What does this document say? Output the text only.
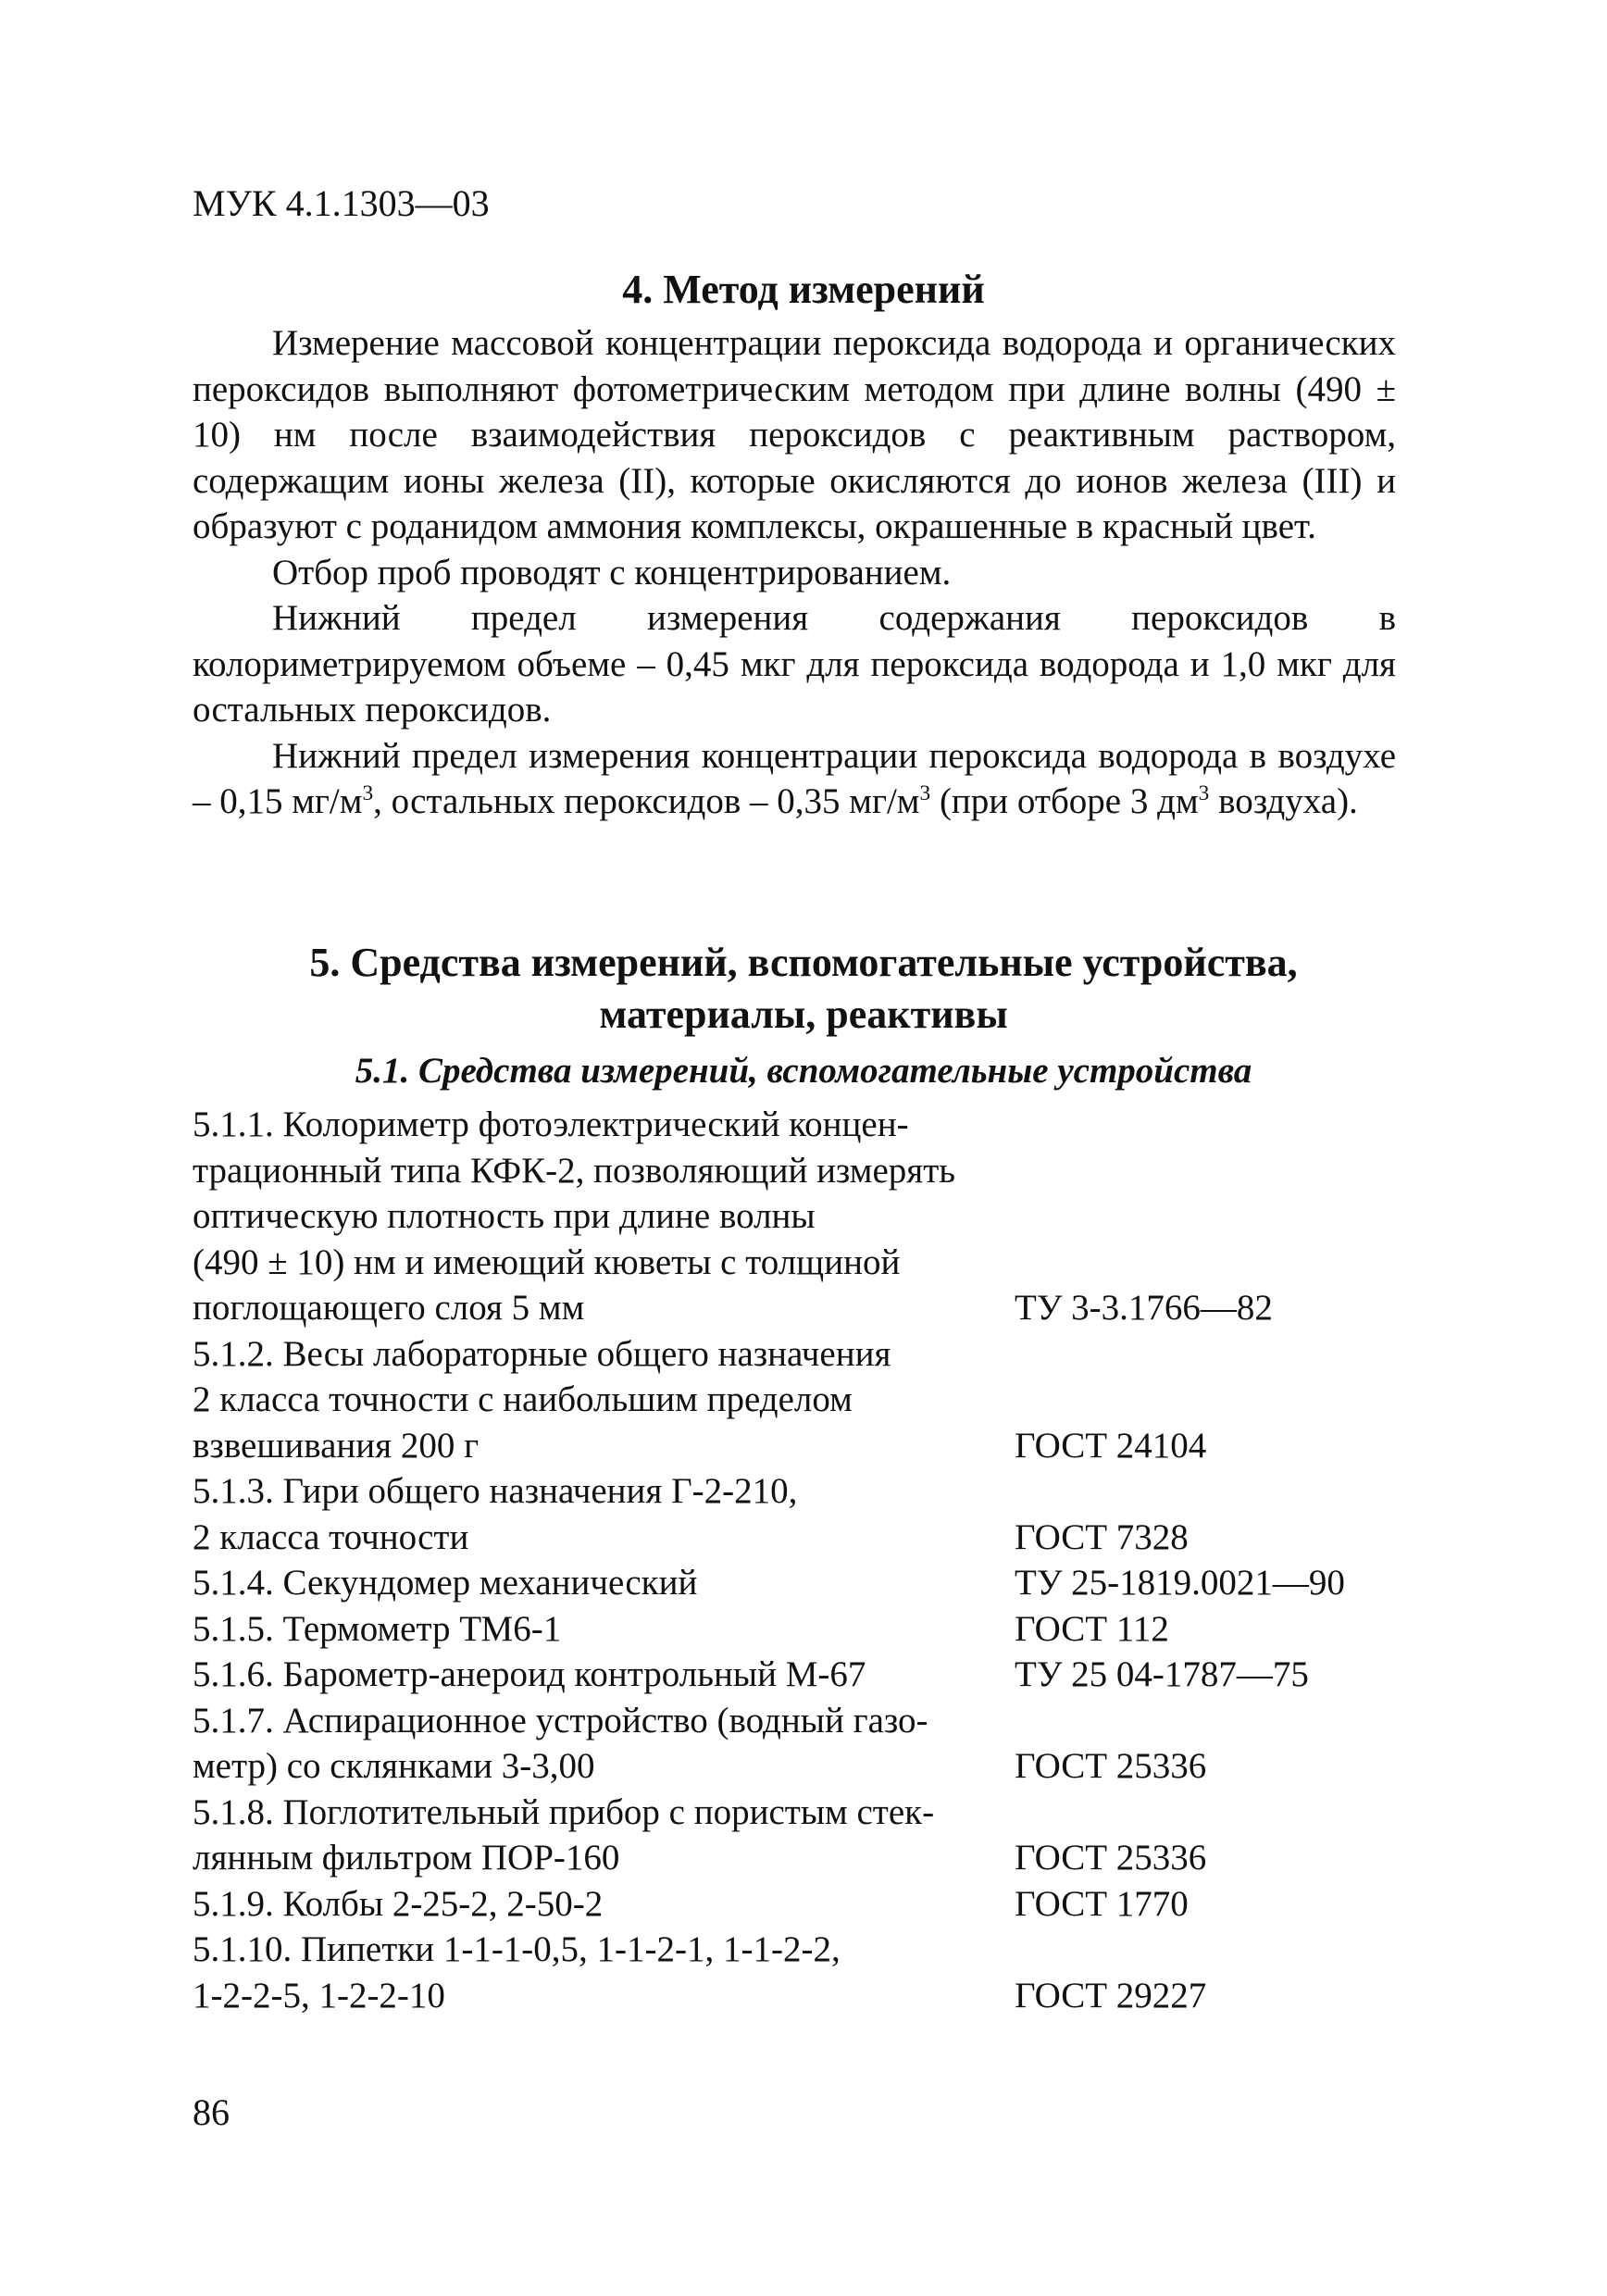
МУК 4.1.1303—03
4. Метод измерений

Измерение массовой концентрации пероксида водорода и органических пероксидов выполняют фотометрическим методом при длине волны (490 ± 10) нм после взаимодействия пероксидов с реактивным раствором, содержащим ионы железа (II), которые окисляются до ионов железа (III) и образуют с роданидом аммония комплексы, окрашенные в красный цвет.

Отбор проб проводят с концентрированием.

Нижний предел измерения содержания пероксидов в колориметрируемом объеме – 0,45 мкг для пероксида водорода и 1,0 мкг для остальных пероксидов.

Нижний предел измерения концентрации пероксида водорода в воздухе – 0,15 $мг/м^3$, остальных пероксидов – 0,35 $мг/м^3$ (при отборе 3 $дм^3$ воздуха).

5. Средства измерений, вспомогательные устройства,
материалы, реактивы
5.1. Средства измерений, вспомогательные устройства
5.1.1. Колориметр фотоэлектрический концен-
трационный типа КФК-2, позволяющий измерять
оптическую плотность при длине волны
(490 ± 10) нм и имеющий кюветы с толщиной
поглощающего слоя 5 мм	ТУ 3-3.1766—82
5.1.2. Весы лабораторные общего назначения
2 класса точности с наибольшим пределом
взвешивания 200 г	ГОСТ 24104
5.1.3. Гири общего назначения Г-2-210,
2 класса точности	ГОСТ 7328
5.1.4. Секундомер механический	ТУ 25-1819.0021—90
5.1.5. Термометр ТМ6-1	ГОСТ 112
5.1.6. Барометр-анероид контрольный М-67	ТУ 25 04-1787—75
5.1.7. Аспирационное устройство (водный газо-
метр) со склянками 3-3,00	ГОСТ 25336
5.1.8. Поглотительный прибор с пористым стек-
лянным фильтром ПОР-160	ГОСТ 25336
5.1.9. Колбы 2-25-2, 2-50-2	ГОСТ 1770
5.1.10. Пипетки 1-1-1-0,5, 1-1-2-1, 1-1-2-2,
1-2-2-5, 1-2-2-10	ГОСТ 29227
86
